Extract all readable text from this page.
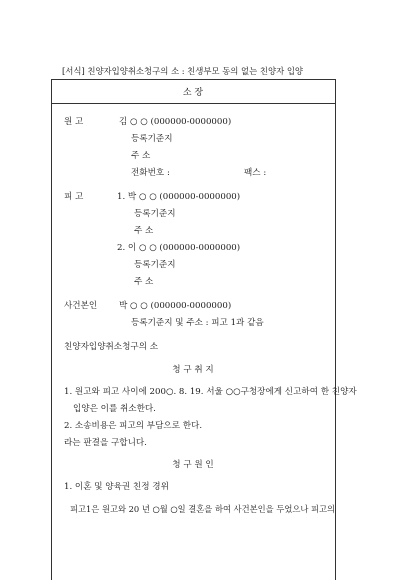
[서식] 친양자입양취소청구의 소 : 친생부모 동의 없는 친양자 입양
소 장
원 고	김 ○ ○ (000000-0000000)
등록기준지
주 소
전화번호 :	팩스 :
피 고	1. 박 ○ ○ (000000-0000000)
등록기준지
주 소
2. 이 ○ ○ (000000-0000000)
등록기준지
주 소
사건본인	박 ○ ○ (000000-0000000)
등록기준지 및 주소 : 피고 1과 같음
친양자입양취소청구의 소
청 구 취 지
1. 원고와 피고 사이에 200○. 8. 19. 서울 ○○구청장에게 신고하여 한 친양자
입양은 이를 취소한다.
2. 소송비용은 피고의 부담으로 한다.
라는 판결을 구합니다.
청 구 원 인
1. 이혼 및 양육권 친정 경위
피고1은 원고와 20 년 ○월 ○일 결혼을 하여 사건본인을 두었으나 피고의
